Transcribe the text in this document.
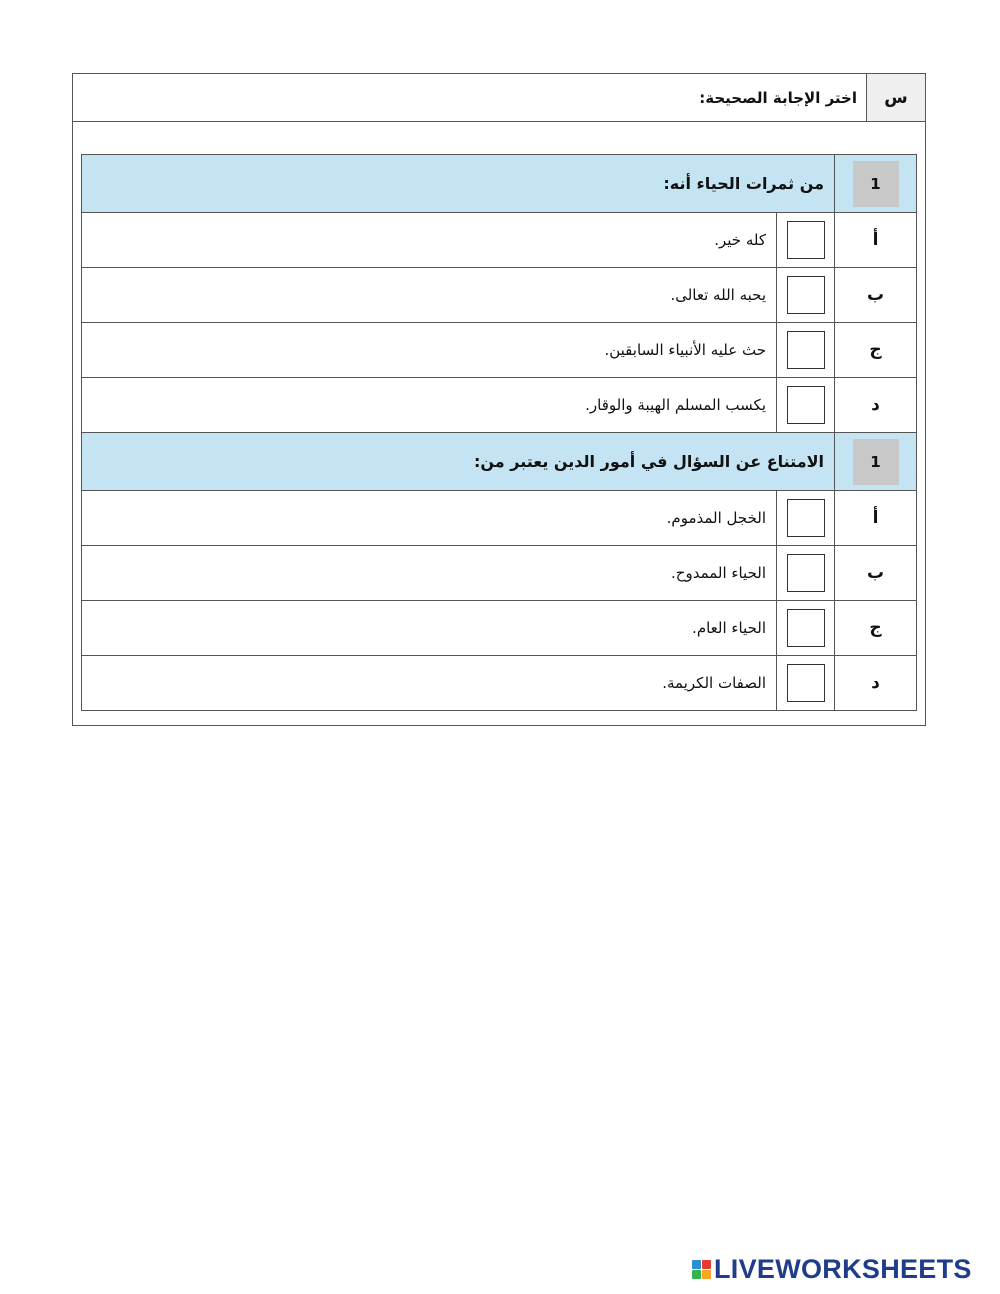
س
اختر الإجابة الصحيحة:
1	من ثمرات الحياء أنه:	
أ		كله خير.
ب		يحبه الله تعالى.
ج		حث عليه الأنبياء السابقين.
د		يكسب المسلم الهيبة والوقار.
1	الامتناع عن السؤال في أمور الدين يعتبر من:	
أ		الخجل المذموم.
ب		الحياء الممدوح.
ج		الحياء العام.
د		الصفات الكريمة.
LIVEWORKSHEETS
